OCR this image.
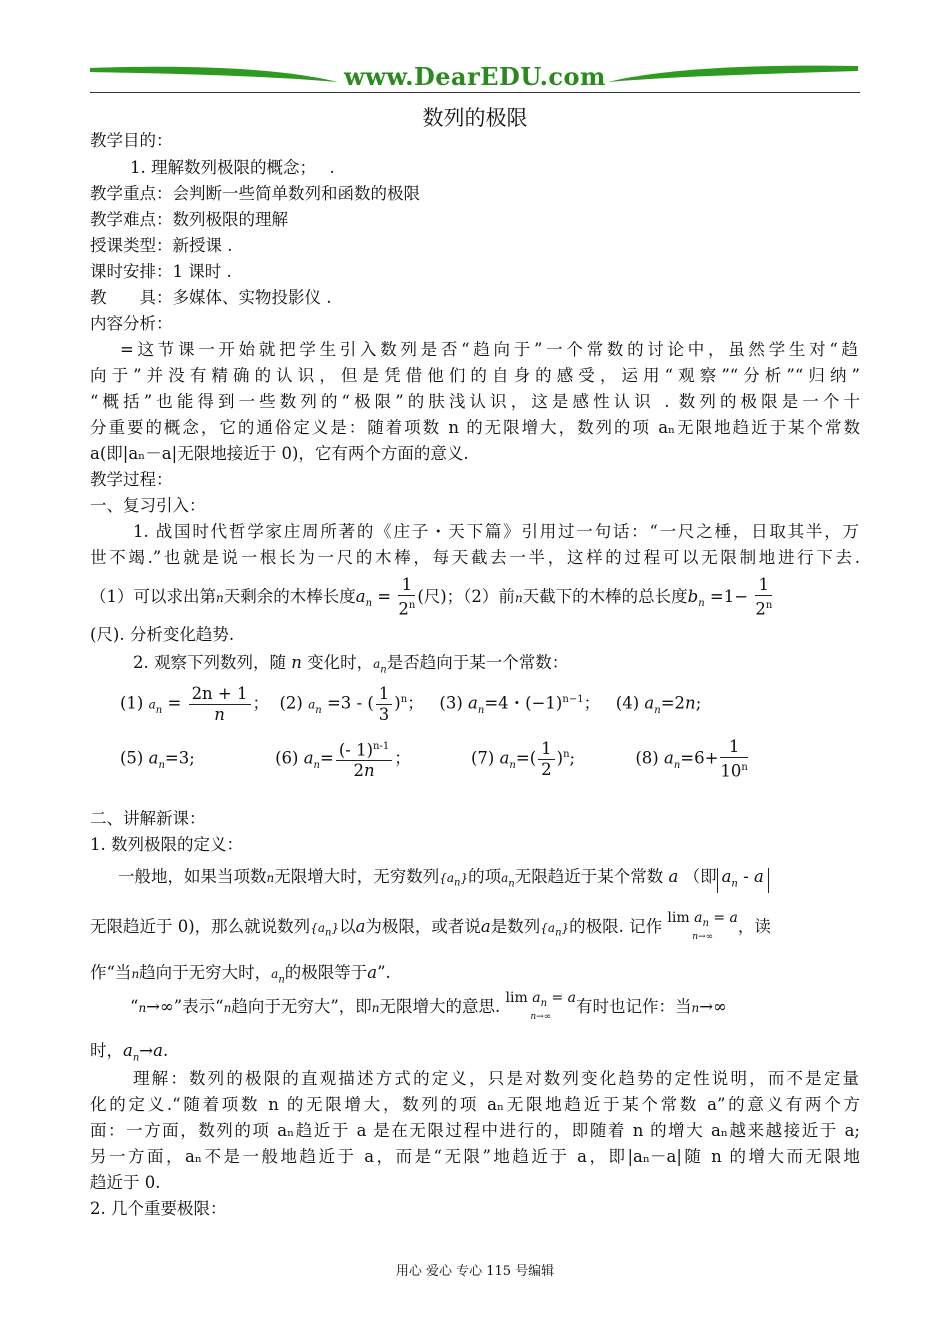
www.DearEDU.com
数列的极限
教学目的：
1. 理解数列极限的概念；　 .
教学重点：会判断一些简单数列和函数的极限
教学难点：数列极限的理解
授课类型：新授课 .
课时安排：1 课时 .
教　　具：多媒体、实物投影仪 .
内容分析：
=这节课一开始就把学生引入数列是否“趋向于”一个常数的讨论中，虽然学生对“趋
向于”并没有精确的认识，但是凭借他们的自身的感受，运用“观察”“分析”“归纳”
“概括”也能得到一些数列的“极限”的肤浅认识，这是感性认识 . 数列的极限是一个十
分重要的概念，它的通俗定义是：随着项数 n 的无限增大，数列的项 aₙ无限地趋近于某个常数
a(即|aₙ－a|无限地接近于 0)，它有两个方面的意义.
教学过程：
一、复习引入：
1. 战国时代哲学家庄周所著的《庄子・天下篇》引用过一句话：“一尺之棰，日取其半，万
世不竭.”也就是说一根长为一尺的木棒，每天截去一半，这样的过程可以无限制地进行下去.
（1）可以求出第n天剩余的木棒长度$a_n = \frac{1}{2^n}$ (尺)；（2）前n天截下的木棒的总长度$b_n =1- \frac{1}{2^n}$
(尺). 分析变化趋势.
2. 观察下列数列，随 n 变化时，$a_n$是否趋向于某一个常数：
(1) $a_n = \frac{2n + 1}{n}$ ；  (2) $a_n =3$ - ( $\frac{1}{3} )^n$；   (3) $a_n=4$・$(-1)^{n-1}$；   (4) $a_n=2n$;
(5) $a_n=3$;	(6) $a_n= \frac{(- 1)^{n-1}}{2n}$ ；	(7) $a_n=( \frac{1}{2} )^n$;	(8) $a_n=6+ \frac{1}{10^n}$
二、讲解新课：
1. 数列极限的定义：
一般地，如果当项数n无限增大时，无穷数列$\{a_n\}$的项$a_n$无限趋近于某个常数 a （即 $a_n$ - a
无限趋近于 0)，那么就说数列$\{a_n\}$以a为极限，或者说a是数列$\{a_n\}$的极限. 记作 $\lim a_n = a$
n→∞
，读
作“当n趋向于无穷大时，$a_n$的极限等于a”.
“n→∞”表示“n趋向于无穷大”，即n无限增大的意思. $\lim a_n = a$
n→∞
有时也记作：当n→∞
时，$a_n\to a$.
理解：数列的极限的直观描述方式的定义，只是对数列变化趋势的定性说明，而不是定量
化的定义.“随着项数 n 的无限增大，数列的项 aₙ无限地趋近于某个常数 a”的意义有两个方
面：一方面，数列的项 aₙ趋近于 a 是在无限过程中进行的，即随着 n 的增大 aₙ越来越接近于 a;
另一方面，aₙ不是一般地趋近于 a，而是“无限”地趋近于 a，即|aₙ－a|随 n 的增大而无限地
趋近于 0.
2. 几个重要极限：
用心 爱心 专心 115 号编辑
